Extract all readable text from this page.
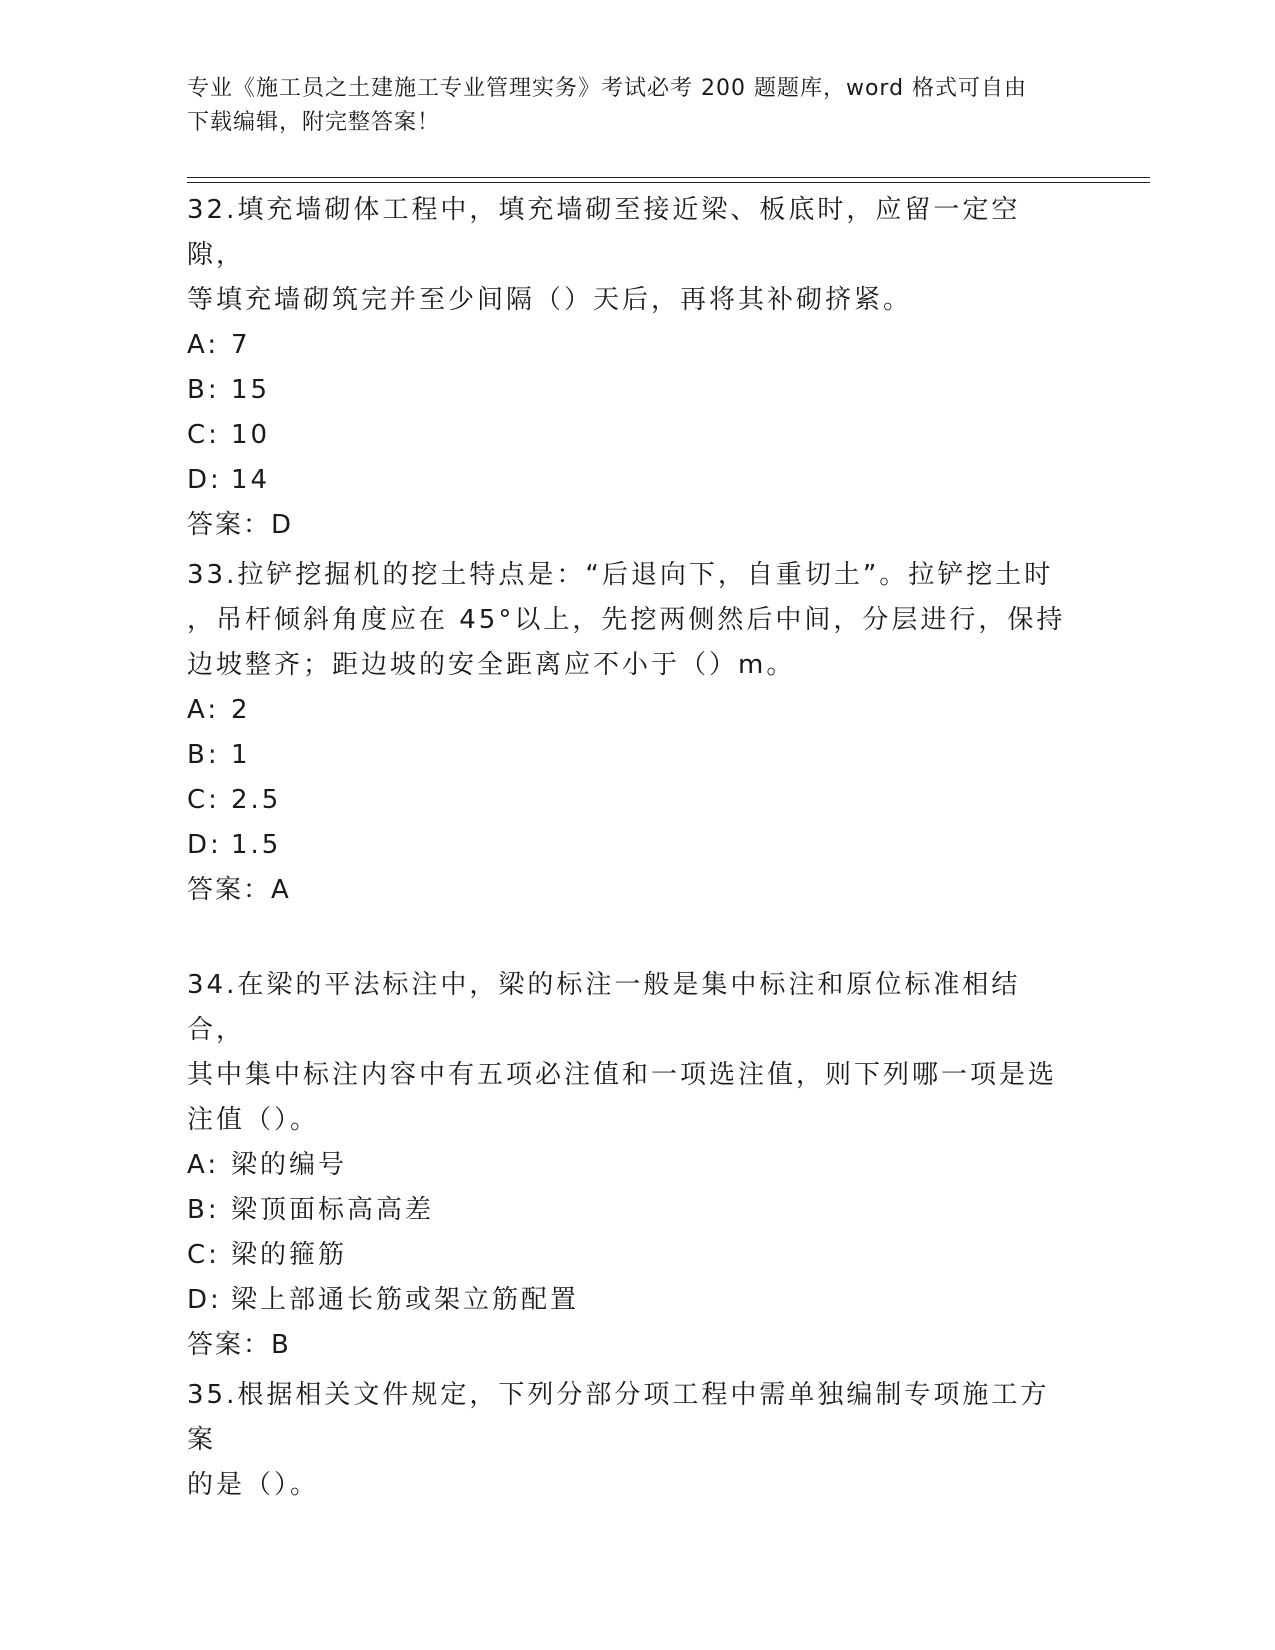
专业《施工员之土建施工专业管理实务》考试必考 200 题题库，word 格式可自由
下载编辑，附完整答案！

32.填充墙砌体工程中，填充墙砌至接近梁、板底时，应留一定空隙，

等填充墙砌筑完并至少间隔（）天后，再将其补砌挤紧。

A: 7

B: 15

C: 10

D: 14

答案：D

33.拉铲挖掘机的挖土特点是：“后退向下，自重切土”。拉铲挖土时

，吊杆倾斜角度应在 45°以上，先挖两侧然后中间，分层进行，保持

边坡整齐；距边坡的安全距离应不小于（）m。

A: 2

B: 1

C: 2.5

D: 1.5

答案：A

34.在梁的平法标注中，梁的标注一般是集中标注和原位标准相结合，

其中集中标注内容中有五项必注值和一项选注值，则下列哪一项是选

注值（）。

A: 梁的编号

B: 梁顶面标高高差

C: 梁的箍筋

D: 梁上部通长筋或架立筋配置

答案：B

35.根据相关文件规定，下列分部分项工程中需单独编制专项施工方案

的是（）。
